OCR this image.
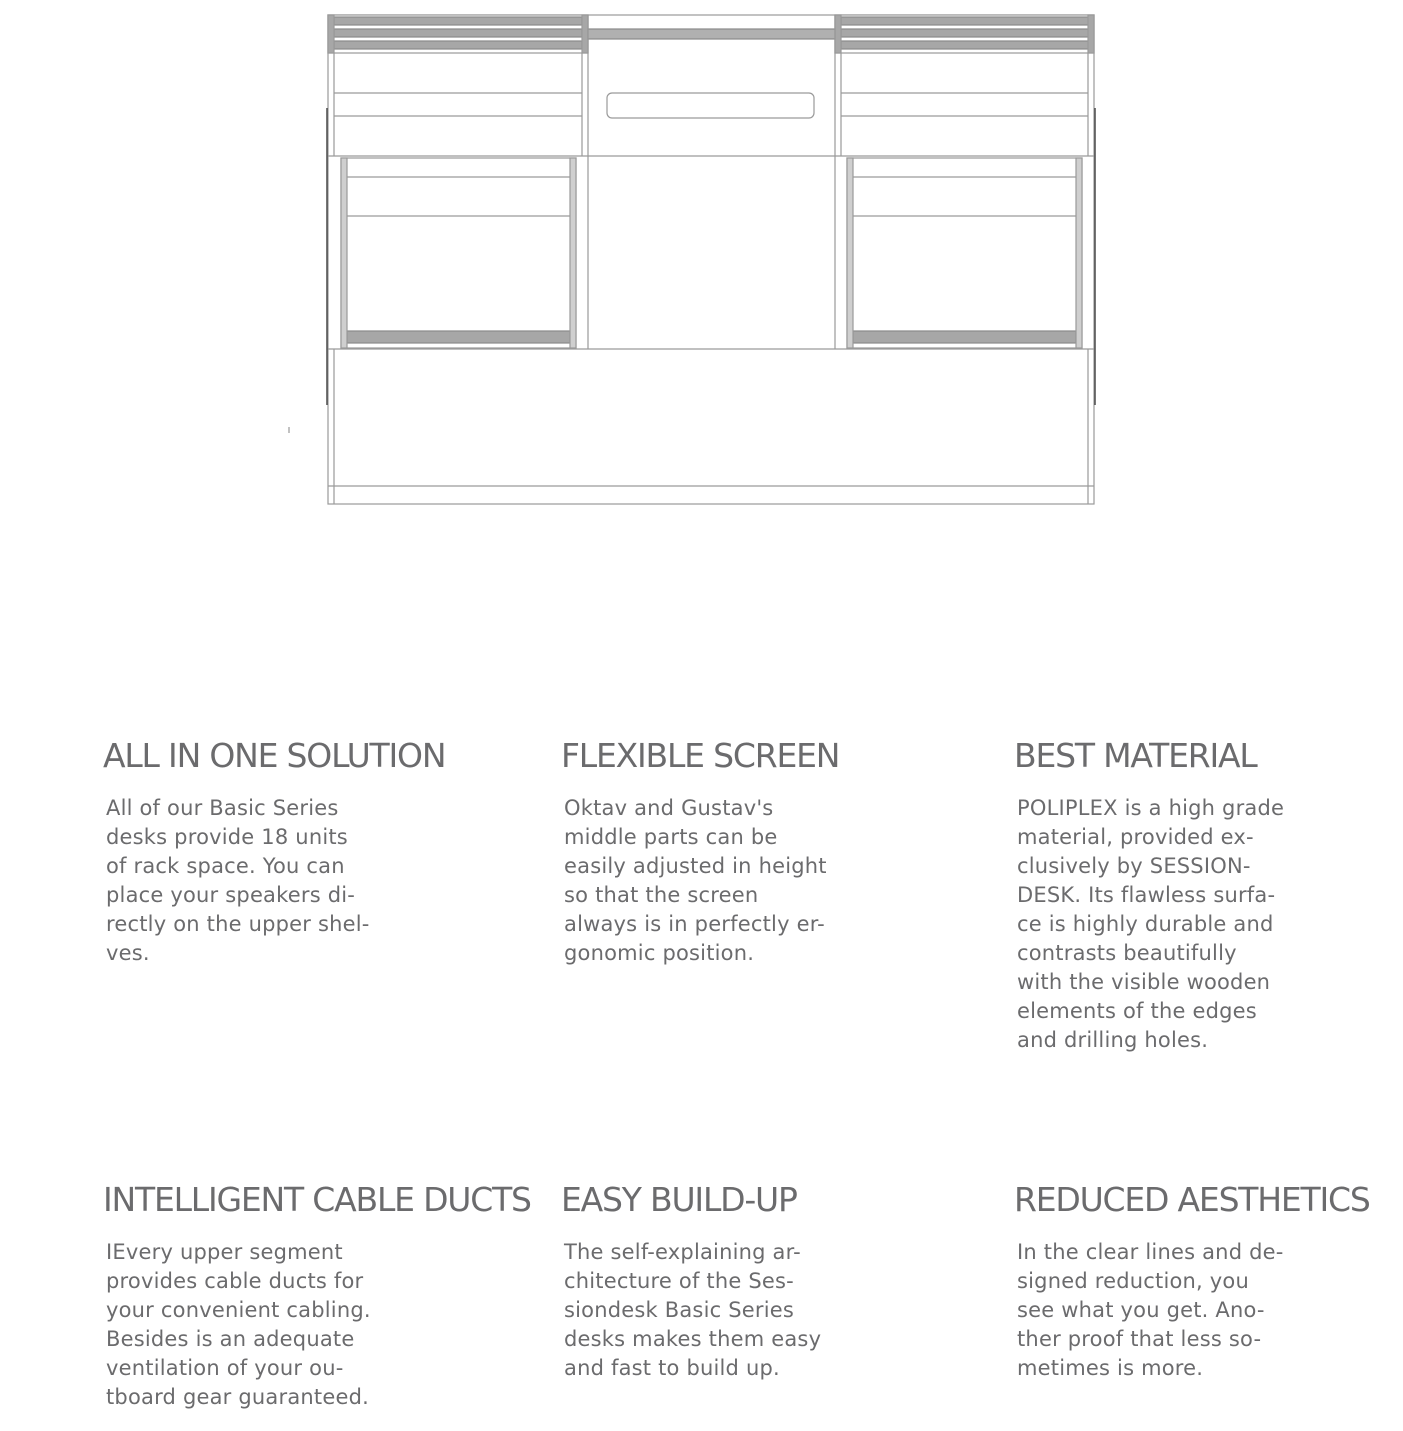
ALL IN ONE SOLUTION

All of our Basic Series
desks provide 18 units
of rack space. You can
place your speakers di-
rectly on the upper shel-
ves.

FLEXIBLE SCREEN

Oktav and Gustav's
middle parts can be
easily adjusted in height
so that the screen
always is in perfectly er-
gonomic position.

BEST MATERIAL

POLIPLEX is a high grade
material, provided ex-
clusively by SESSION-
DESK. Its flawless surfa-
ce is highly durable and
contrasts beautifully
with the visible wooden
elements of the edges
and drilling holes.

INTELLIGENT CABLE DUCTS

IEvery upper segment
provides cable ducts for
your convenient cabling.
Besides is an adequate
ventilation of your ou-
tboard gear guaranteed.

EASY BUILD-UP

The self-explaining ar-
chitecture of the Ses-
siondesk Basic Series
desks makes them easy
and fast to build up.

REDUCED AESTHETICS

In the clear lines and de-
signed reduction, you
see what you get. Ano-
ther proof that less so-
metimes is more.
